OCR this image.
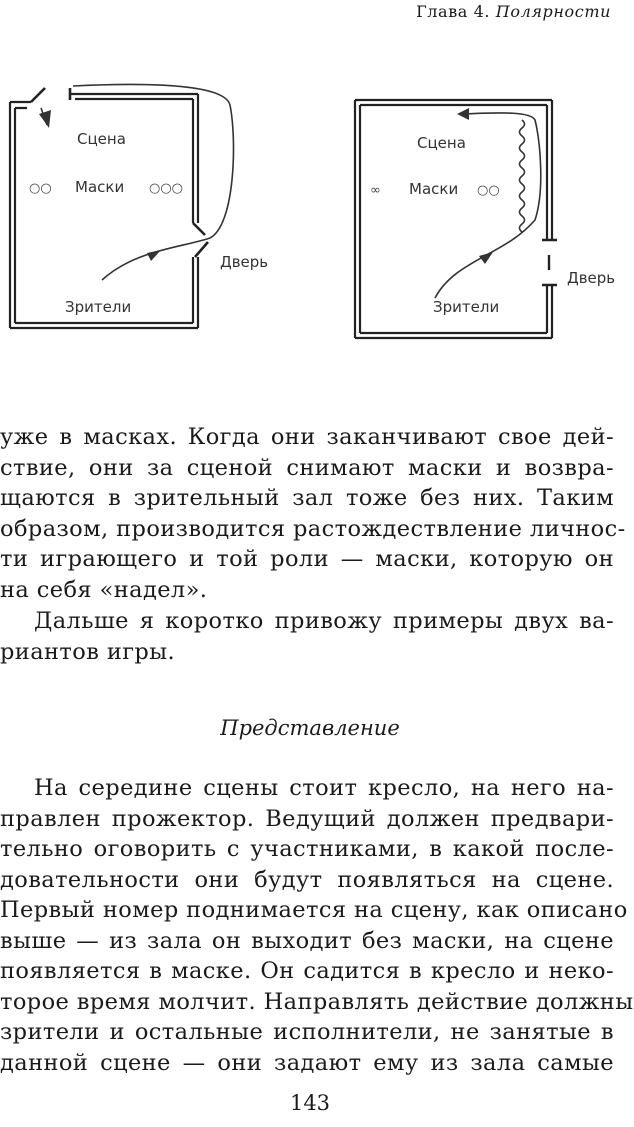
Глава 4. Полярности
Сцена
○○ Маски ○○○
Дверь
Зрители
Сцена
∞ Маски ○○
Дверь
Зрители
уже в масках. Когда они заканчивают свое дей-
ствие, они за сценой снимают маски и возвра-
щаются в зрительный зал тоже без них. Таким
образом, производится растождествление личнос-
ти играющего и той роли — маски, которую он
на себя «надел».
Дальше я коротко привожу примеры двух ва-
риантов игры.
Представление
На середине сцены стоит кресло, на него на-
правлен прожектор. Ведущий должен предвари-
тельно оговорить с участниками, в какой после-
довательности они будут появляться на сцене.
Первый номер поднимается на сцену, как описано
выше — из зала он выходит без маски, на сцене
появляется в маске. Он садится в кресло и неко-
торое время молчит. Направлять действие должны
зрители и остальные исполнители, не занятые в
данной сцене — они задают ему из зала самые
143
